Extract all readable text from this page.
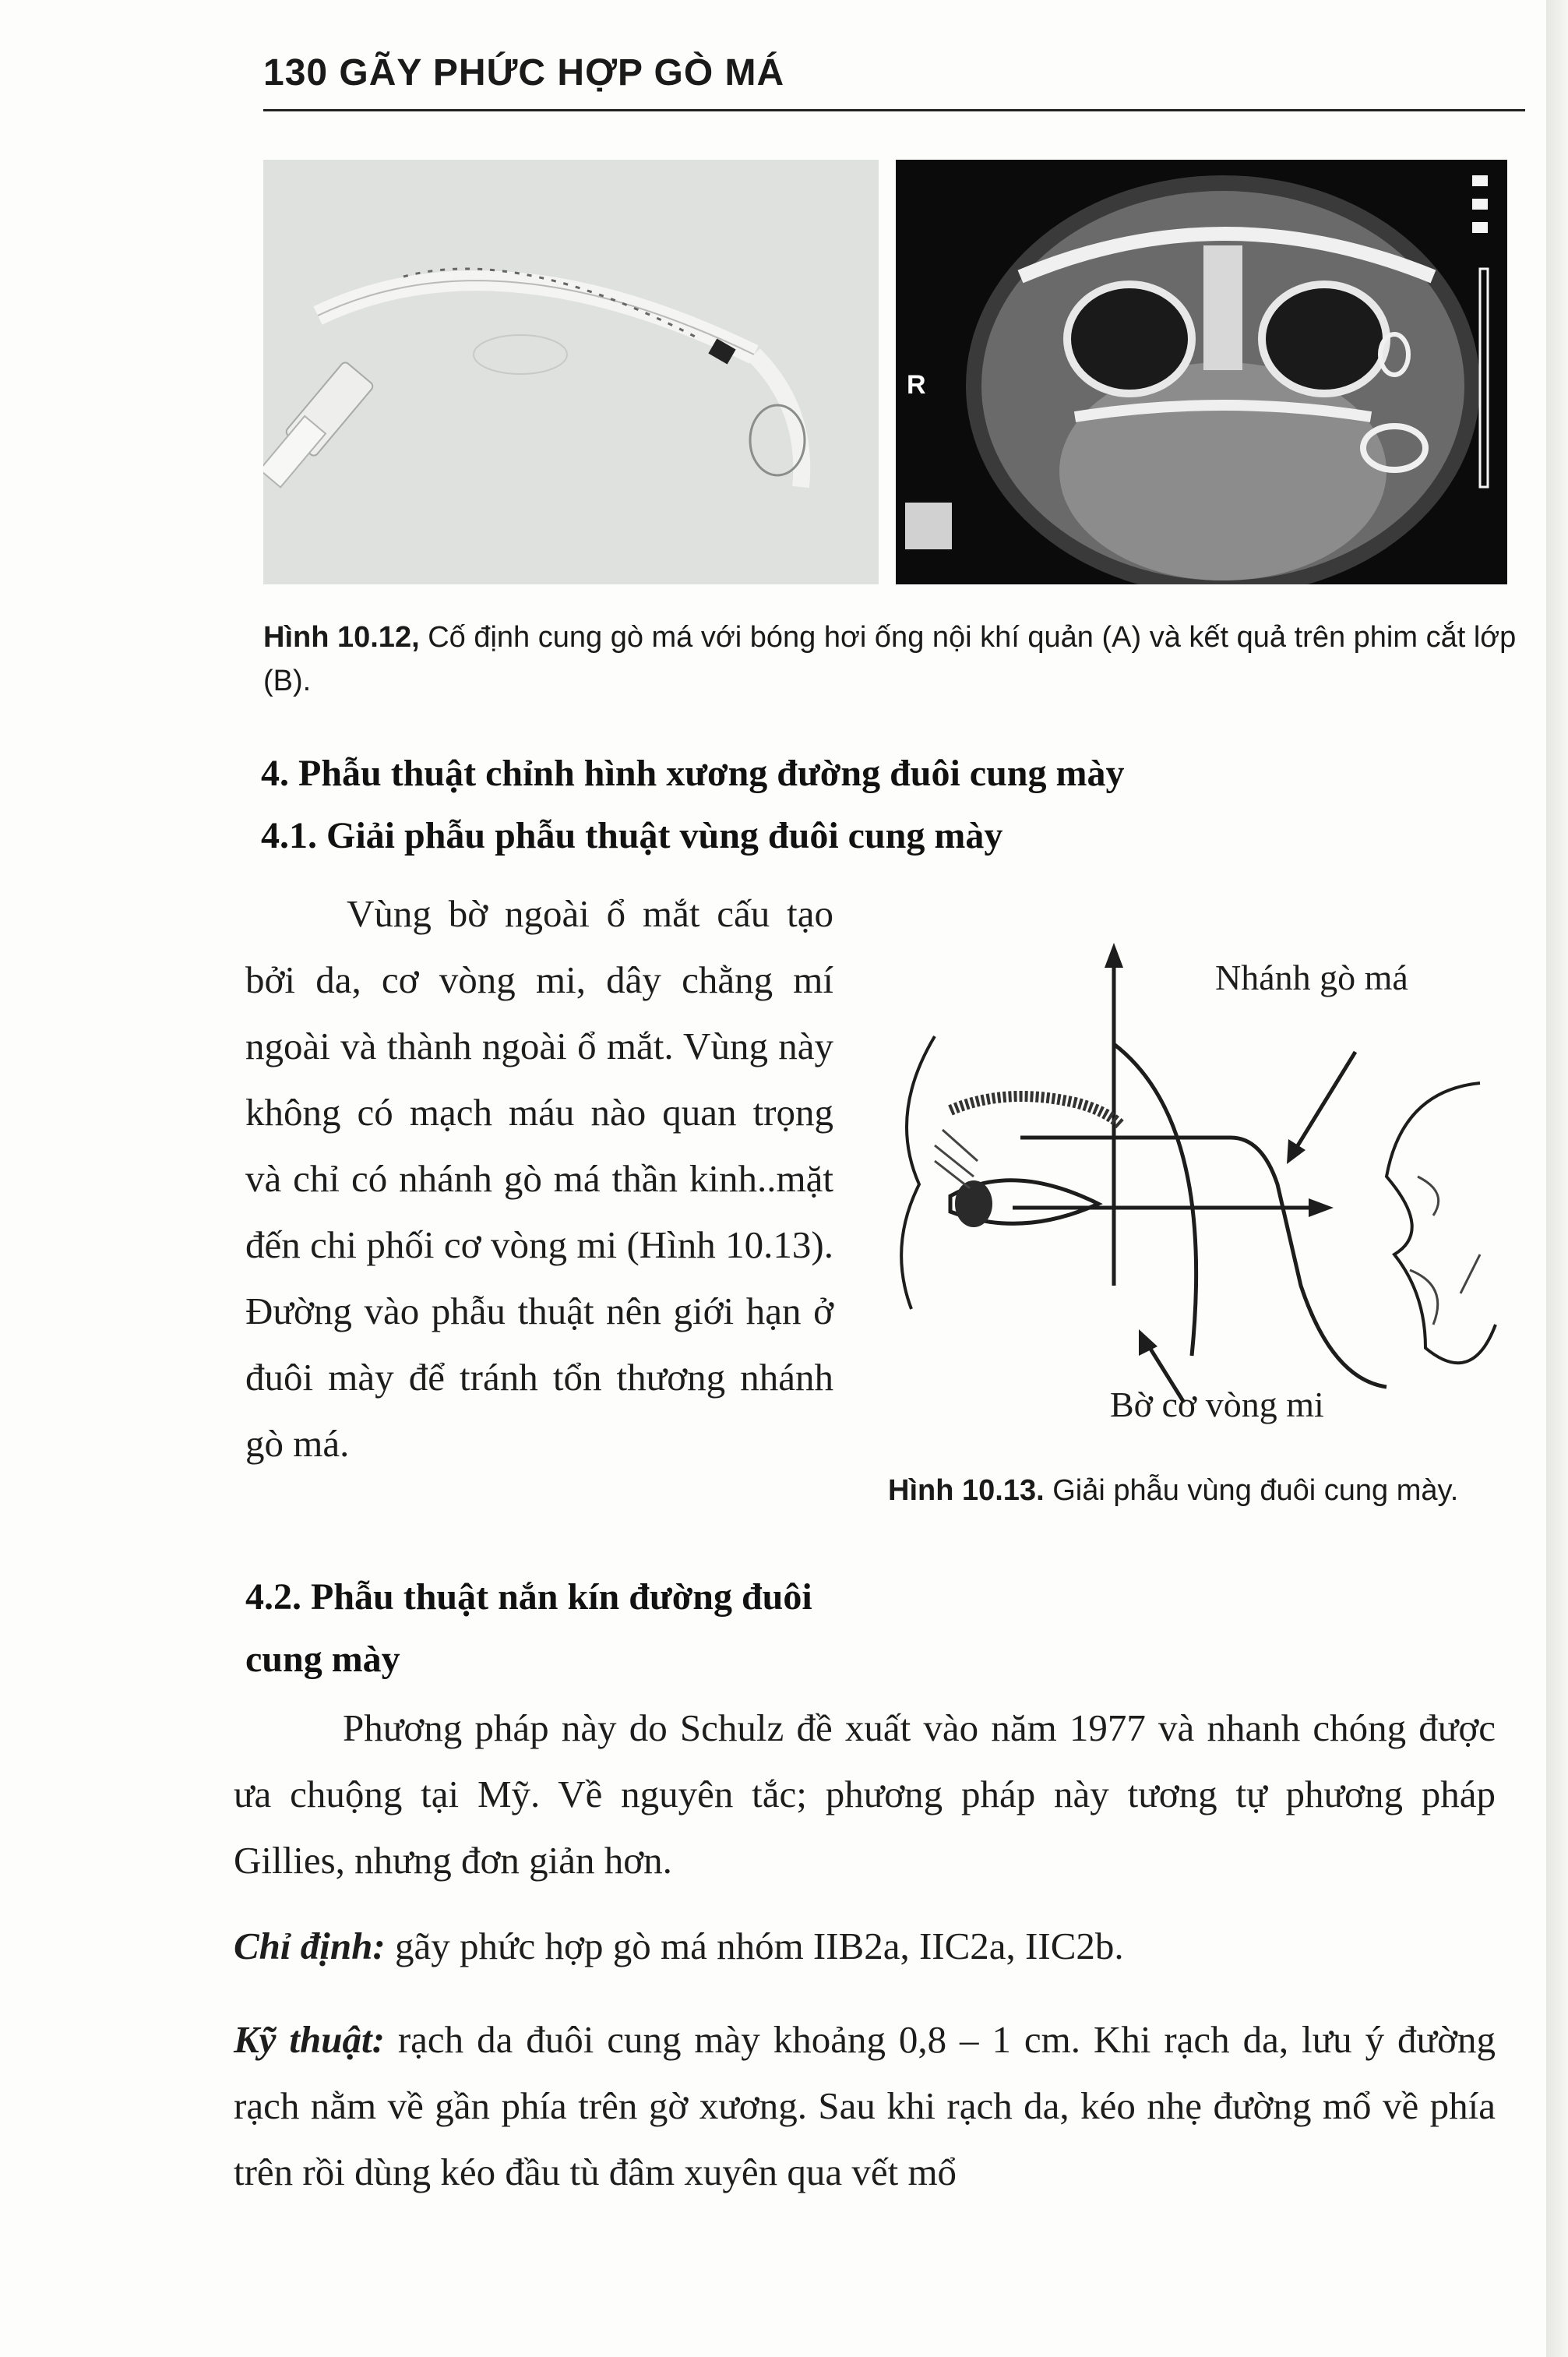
130 GÃY PHỨC HỢP GÒ MÁ
R
Hình 10.12, Cố định cung gò má với bóng hơi ống nội khí quản (A) và kết quả trên phim cắt lớp (B).
4. Phẫu thuật chỉnh hình xương đường đuôi cung mày
4.1. Giải phẫu phẫu thuật vùng đuôi cung mày
Vùng bờ ngoài ổ mắt cấu tạo bởi da, cơ vòng mi, dây chằng mí ngoài và thành ngoài ổ mắt. Vùng này không có mạch máu nào quan trọng và chỉ có nhánh gò má thần kinh..mặt đến chi phối cơ vòng mi (Hình 10.13). Đường vào phẫu thuật nên giới hạn ở đuôi mày để tránh tổn thương nhánh gò má.
Nhánh gò má
Bờ cơ vòng mi
Hình 10.13. Giải phẫu vùng đuôi cung mày.
4.2. Phẫu thuật nắn kín đường đuôi cung mày
Phương pháp này do Schulz đề xuất vào năm 1977 và nhanh chóng được ưa chuộng tại Mỹ. Về nguyên tắc; phương pháp này tương tự phương pháp Gillies, nhưng đơn giản hơn.
Chỉ định: gãy phức hợp gò má nhóm IIB2a, IIC2a, IIC2b.
Kỹ thuật: rạch da đuôi cung mày khoảng 0,8 – 1 cm. Khi rạch da, lưu ý đường rạch nằm về gần phía trên gờ xương. Sau khi rạch da, kéo nhẹ đường mổ về phía trên rồi dùng kéo đầu tù đâm xuyên qua vết mổ
